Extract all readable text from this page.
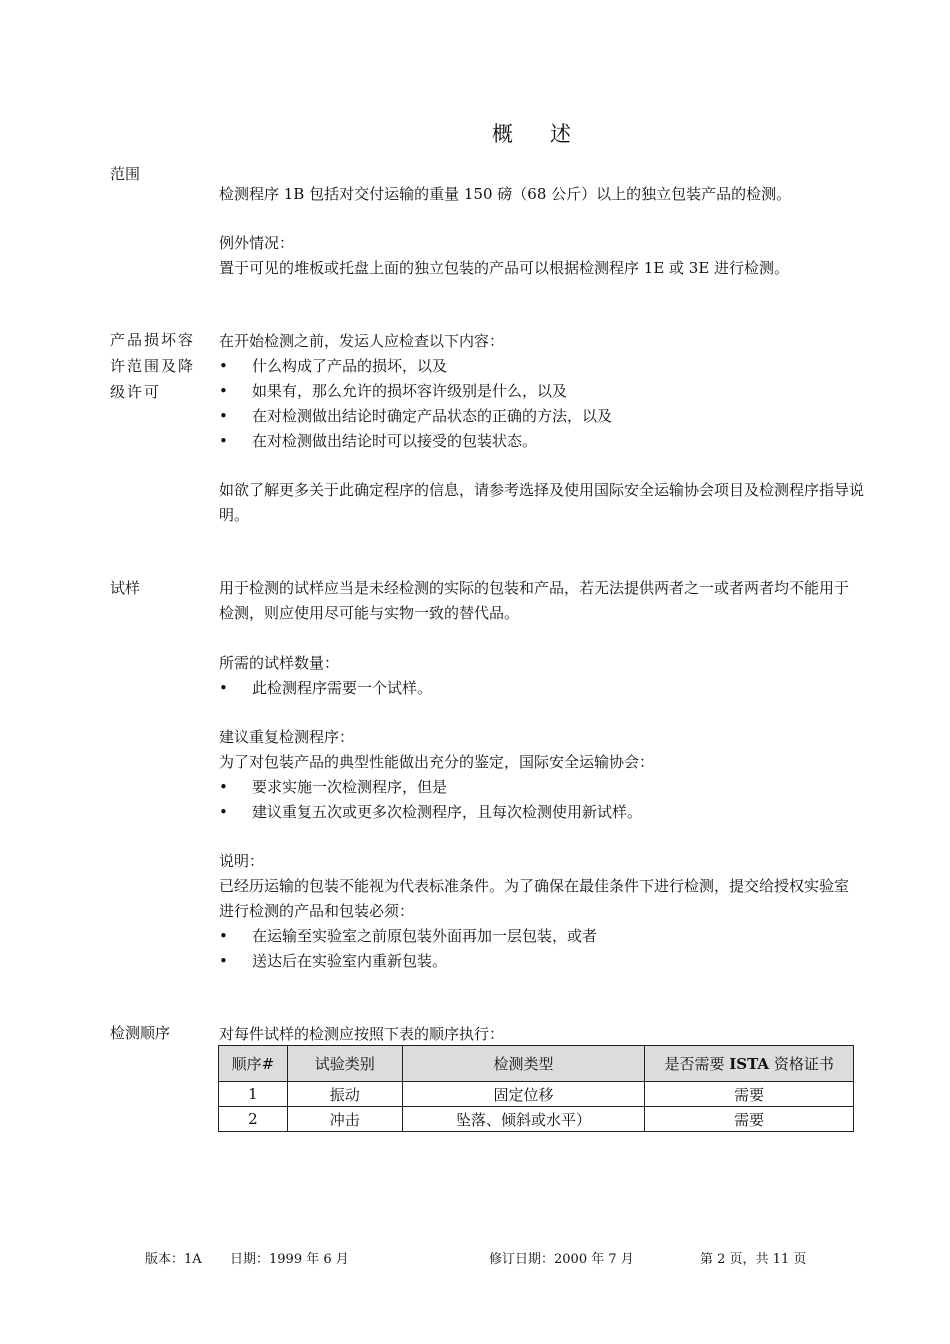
概 述
范围
检测程序 1B 包括对交付运输的重量 150 磅（68 公斤）以上的独立包装产品的检测。
例外情况：
置于可见的堆板或托盘上面的独立包装的产品可以根据检测程序 1E 或 3E 进行检测。
产品损坏容许范围及降级许可
在开始检测之前，发运人应检查以下内容：
• 什么构成了产品的损坏，以及
• 如果有，那么允许的损坏容许级别是什么，以及
• 在对检测做出结论时确定产品状态的正确的方法，以及
• 在对检测做出结论时可以接受的包装状态。
如欲了解更多关于此确定程序的信息，请参考选择及使用国际安全运输协会项目及检测程序指导说明。
试样	用于检测的试样应当是未经检测的实际的包装和产品，若无法提供两者之一或者两者均不能用于检测，则应使用尽可能与实物一致的替代品。
所需的试样数量：
• 此检测程序需要一个试样。
建议重复检测程序：
为了对包装产品的典型性能做出充分的鉴定，国际安全运输协会：
• 要求实施一次检测程序，但是
• 建议重复五次或更多次检测程序，且每次检测使用新试样。
说明：
已经历运输的包装不能视为代表标准条件。为了确保在最佳条件下进行检测，提交给授权实验室进行检测的产品和包装必须：
• 在运输至实验室之前原包装外面再加一层包装，或者
• 送达后在实验室内重新包装。
检测顺序	对每件试样的检测应按照下表的顺序执行：
顺序#	试验类别	检测类型	是否需要 ISTA 资格证书
1	振动	固定位移	需要
2	冲击	坠落、倾斜或水平）	需要
版本：1A 日期：1999 年 6 月	修订日期：2000 年 7 月	第 2 页，共 11 页
